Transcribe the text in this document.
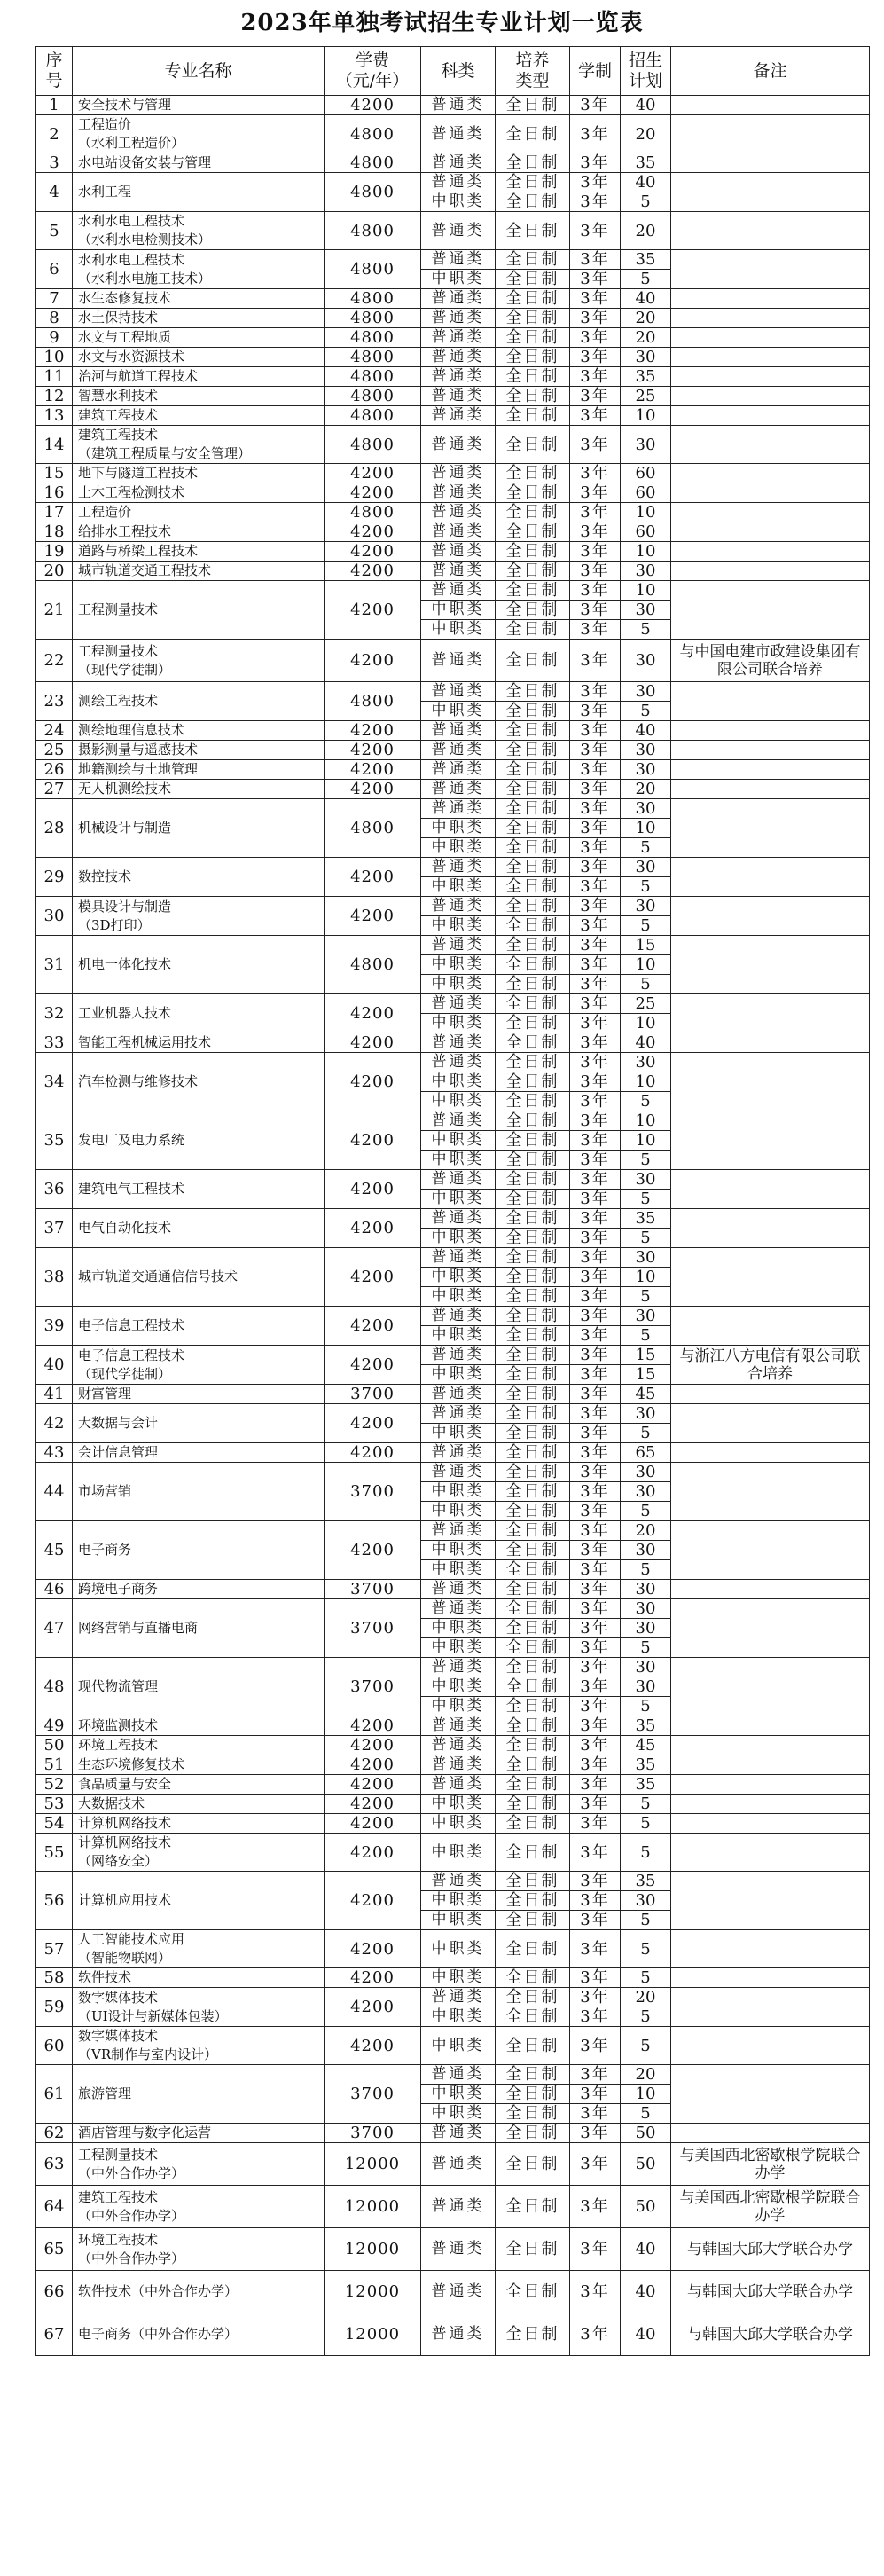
2023年单独考试招生专业计划一览表
序
号	专业名称	学费
（元/年）	科类	培养
类型	学制	招生
计划	备注
1	安全技术与管理	4200	普通类	全日制	3年	40	
2	工程造价
（水利工程造价）	4800	普通类	全日制	3年	20	
3	水电站设备安装与管理	4800	普通类	全日制	3年	35	
4	水利工程	4800	普通类	全日制	3年	40	
			中职类	全日制	3年	5	
5	水利水电工程技术
（水利水电检测技术）	4800	普通类	全日制	3年	20	
6	水利水电工程技术
（水利水电施工技术）	4800	普通类	全日制	3年	35	
			中职类	全日制	3年	5	
7	水生态修复技术	4800	普通类	全日制	3年	40	
8	水土保持技术	4800	普通类	全日制	3年	20	
9	水文与工程地质	4800	普通类	全日制	3年	20	
10	水文与水资源技术	4800	普通类	全日制	3年	30	
11	治河与航道工程技术	4800	普通类	全日制	3年	35	
12	智慧水利技术	4800	普通类	全日制	3年	25	
13	建筑工程技术	4800	普通类	全日制	3年	10	
14	建筑工程技术
（建筑工程质量与安全管理）	4800	普通类	全日制	3年	30	
15	地下与隧道工程技术	4200	普通类	全日制	3年	60	
16	土木工程检测技术	4200	普通类	全日制	3年	60	
17	工程造价	4800	普通类	全日制	3年	10	
18	给排水工程技术	4200	普通类	全日制	3年	60	
19	道路与桥梁工程技术	4200	普通类	全日制	3年	10	
20	城市轨道交通工程技术	4200	普通类	全日制	3年	30	
21	工程测量技术	4200	普通类	全日制	3年	10	
			中职类	全日制	3年	30	
			中职类	全日制	3年	5	
22	工程测量技术
（现代学徒制）	4200	普通类	全日制	3年	30	与中国电建市政建设集团有限公司联合培养
23	测绘工程技术	4800	普通类	全日制	3年	30	
			中职类	全日制	3年	5	
24	测绘地理信息技术	4200	普通类	全日制	3年	40	
25	摄影测量与遥感技术	4200	普通类	全日制	3年	30	
26	地籍测绘与土地管理	4200	普通类	全日制	3年	30	
27	无人机测绘技术	4200	普通类	全日制	3年	20	
28	机械设计与制造	4800	普通类	全日制	3年	30	
			中职类	全日制	3年	10	
			中职类	全日制	3年	5	
29	数控技术	4200	普通类	全日制	3年	30	
			中职类	全日制	3年	5	
30	模具设计与制造
（3D打印）	4200	普通类	全日制	3年	30	
			中职类	全日制	3年	5	
31	机电一体化技术	4800	普通类	全日制	3年	15	
			中职类	全日制	3年	10	
			中职类	全日制	3年	5	
32	工业机器人技术	4200	普通类	全日制	3年	25	
			中职类	全日制	3年	10	
33	智能工程机械运用技术	4200	普通类	全日制	3年	40	
34	汽车检测与维修技术	4200	普通类	全日制	3年	30	
			中职类	全日制	3年	10	
			中职类	全日制	3年	5	
35	发电厂及电力系统	4200	普通类	全日制	3年	10	
			中职类	全日制	3年	10	
			中职类	全日制	3年	5	
36	建筑电气工程技术	4200	普通类	全日制	3年	30	
			中职类	全日制	3年	5	
37	电气自动化技术	4200	普通类	全日制	3年	35	
			中职类	全日制	3年	5	
38	城市轨道交通通信信号技术	4200	普通类	全日制	3年	30	
			中职类	全日制	3年	10	
			中职类	全日制	3年	5	
39	电子信息工程技术	4200	普通类	全日制	3年	30	
			中职类	全日制	3年	5	
40	电子信息工程技术
（现代学徒制）	4200	普通类	全日制	3年	15	与浙江八方电信有限公司联合培养
			中职类	全日制	3年	15	
41	财富管理	3700	普通类	全日制	3年	45	
42	大数据与会计	4200	普通类	全日制	3年	30	
			中职类	全日制	3年	5	
43	会计信息管理	4200	普通类	全日制	3年	65	
44	市场营销	3700	普通类	全日制	3年	30	
			中职类	全日制	3年	30	
			中职类	全日制	3年	5	
45	电子商务	4200	普通类	全日制	3年	20	
			中职类	全日制	3年	30	
			中职类	全日制	3年	5	
46	跨境电子商务	3700	普通类	全日制	3年	30	
47	网络营销与直播电商	3700	普通类	全日制	3年	30	
			中职类	全日制	3年	30	
			中职类	全日制	3年	5	
48	现代物流管理	3700	普通类	全日制	3年	30	
			中职类	全日制	3年	30	
			中职类	全日制	3年	5	
49	环境监测技术	4200	普通类	全日制	3年	35	
50	环境工程技术	4200	普通类	全日制	3年	45	
51	生态环境修复技术	4200	普通类	全日制	3年	35	
52	食品质量与安全	4200	普通类	全日制	3年	35	
53	大数据技术	4200	中职类	全日制	3年	5	
54	计算机网络技术	4200	中职类	全日制	3年	5	
55	计算机网络技术
（网络安全）	4200	中职类	全日制	3年	5	
56	计算机应用技术	4200	普通类	全日制	3年	35	
			中职类	全日制	3年	30	
			中职类	全日制	3年	5	
57	人工智能技术应用
（智能物联网）	4200	中职类	全日制	3年	5	
58	软件技术	4200	中职类	全日制	3年	5	
59	数字媒体技术
（UI设计与新媒体包装）	4200	普通类	全日制	3年	20	
			中职类	全日制	3年	5	
60	数字媒体技术
（VR制作与室内设计）	4200	中职类	全日制	3年	5	
61	旅游管理	3700	普通类	全日制	3年	20	
			中职类	全日制	3年	10	
			中职类	全日制	3年	5	
62	酒店管理与数字化运营	3700	普通类	全日制	3年	50	
63	工程测量技术
（中外合作办学）	12000	普通类	全日制	3年	50	与美国西北密歇根学院联合办学
64	建筑工程技术
（中外合作办学）	12000	普通类	全日制	3年	50	与美国西北密歇根学院联合办学
65	环境工程技术
（中外合作办学）	12000	普通类	全日制	3年	40	与韩国大邱大学联合办学
66	软件技术（中外合作办学）	12000	普通类	全日制	3年	40	与韩国大邱大学联合办学
67	电子商务（中外合作办学）	12000	普通类	全日制	3年	40	与韩国大邱大学联合办学
